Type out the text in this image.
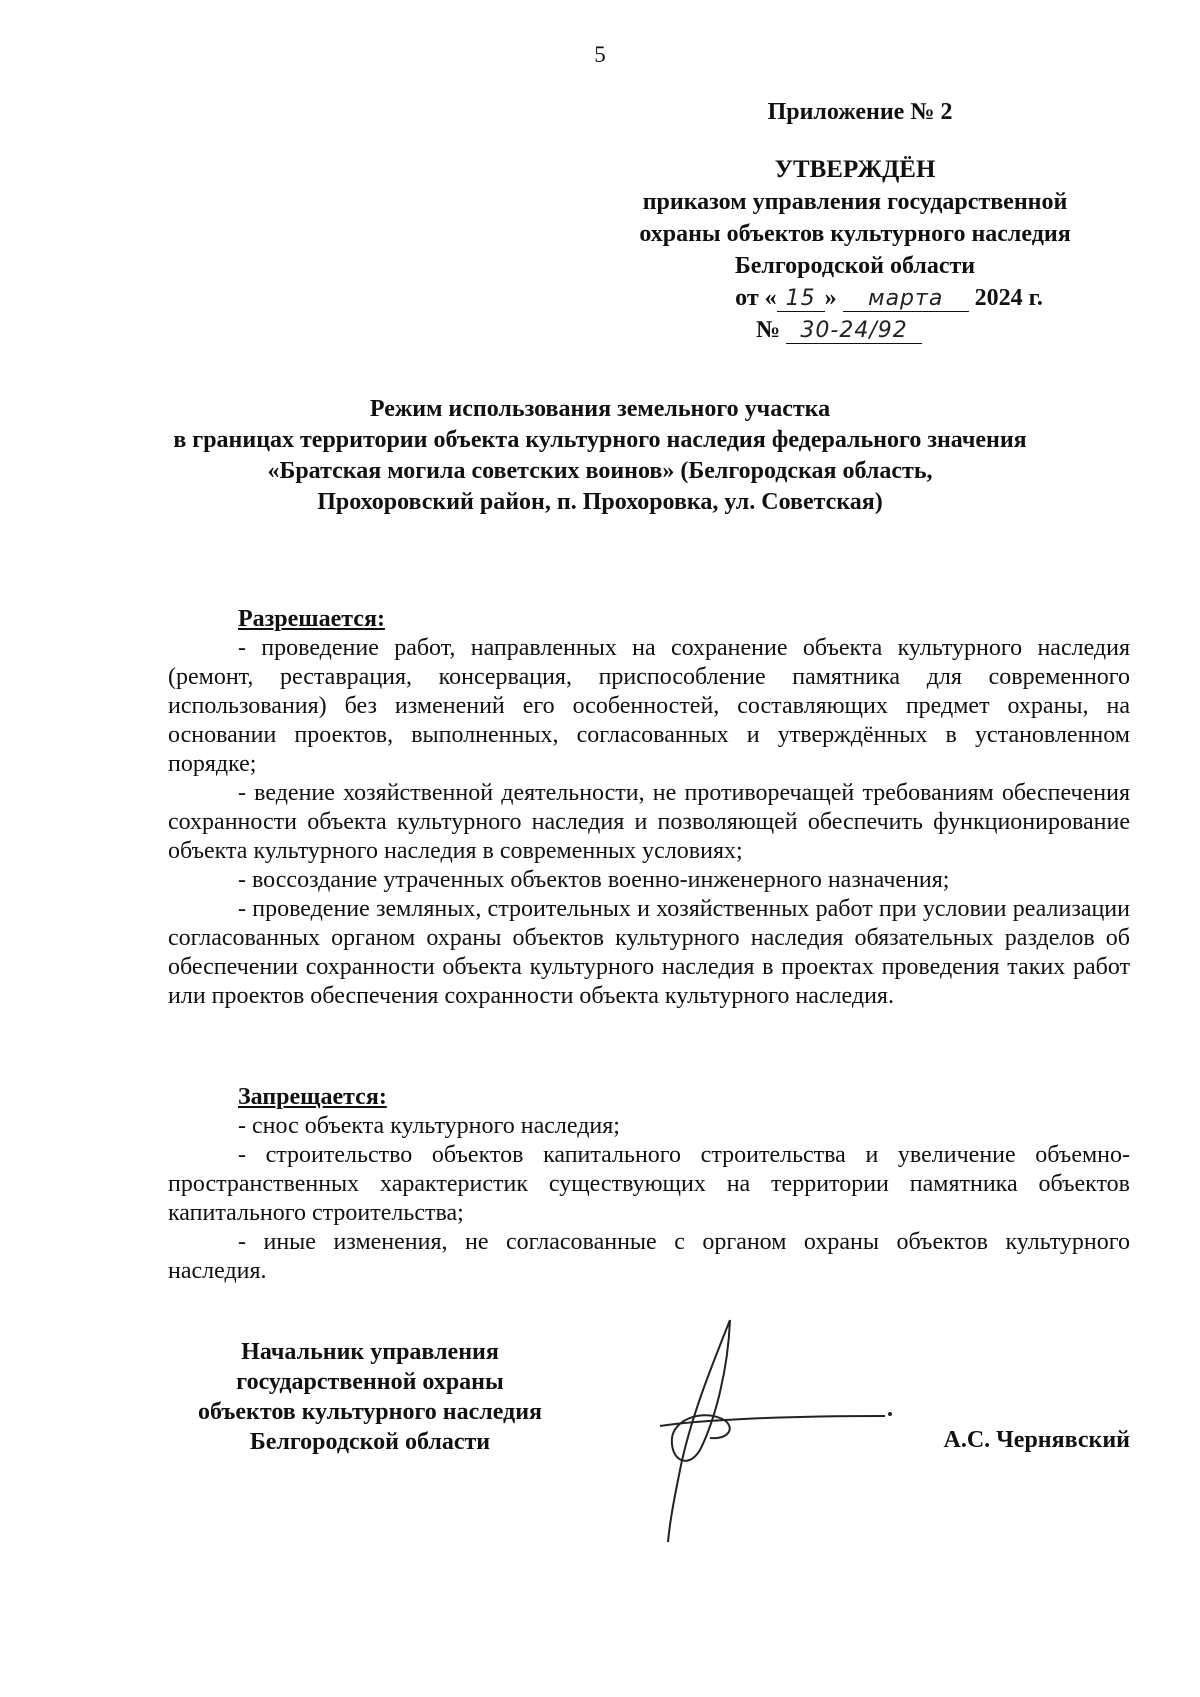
5
Приложение № 2
УТВЕРЖДЁН
приказом управления государственной
охраны объектов культурного наследия
Белгородской области
от « 15 » марта 2024 г.
№ 30-24/92
Режим использования земельного участка
в границах территории объекта культурного наследия федерального значения
«Братская могила советских воинов» (Белгородская область,
Прохоровский район, п. Прохоровка, ул. Советская)
Разрешается:

- проведение работ, направленных на сохранение объекта культурного наследия (ремонт, реставрация, консервация, приспособление памятника для современного использования) без изменений его особенностей, составляющих предмет охраны, на основании проектов, выполненных, согласованных и утверждённых в установленном порядке;

- ведение хозяйственной деятельности, не противоречащей требованиям обеспечения сохранности объекта культурного наследия и позволяющей обеспечить функционирование объекта культурного наследия в современных условиях;

- воссоздание утраченных объектов военно-инженерного назначения;

- проведение земляных, строительных и хозяйственных работ при условии реализации согласованных органом охраны объектов культурного наследия обязательных разделов об обеспечении сохранности объекта культурного наследия в проектах проведения таких работ или проектов обеспечения сохранности объекта культурного наследия.

Запрещается:

- снос объекта культурного наследия;

- строительство объектов капитального строительства и увеличение объемно-пространственных характеристик существующих на территории памятника объектов капитального строительства;

- иные изменения, не согласованные с органом охраны объектов культурного наследия.

Начальник управления
государственной охраны
объектов культурного наследия
Белгородской области	А.С. Чернявский
